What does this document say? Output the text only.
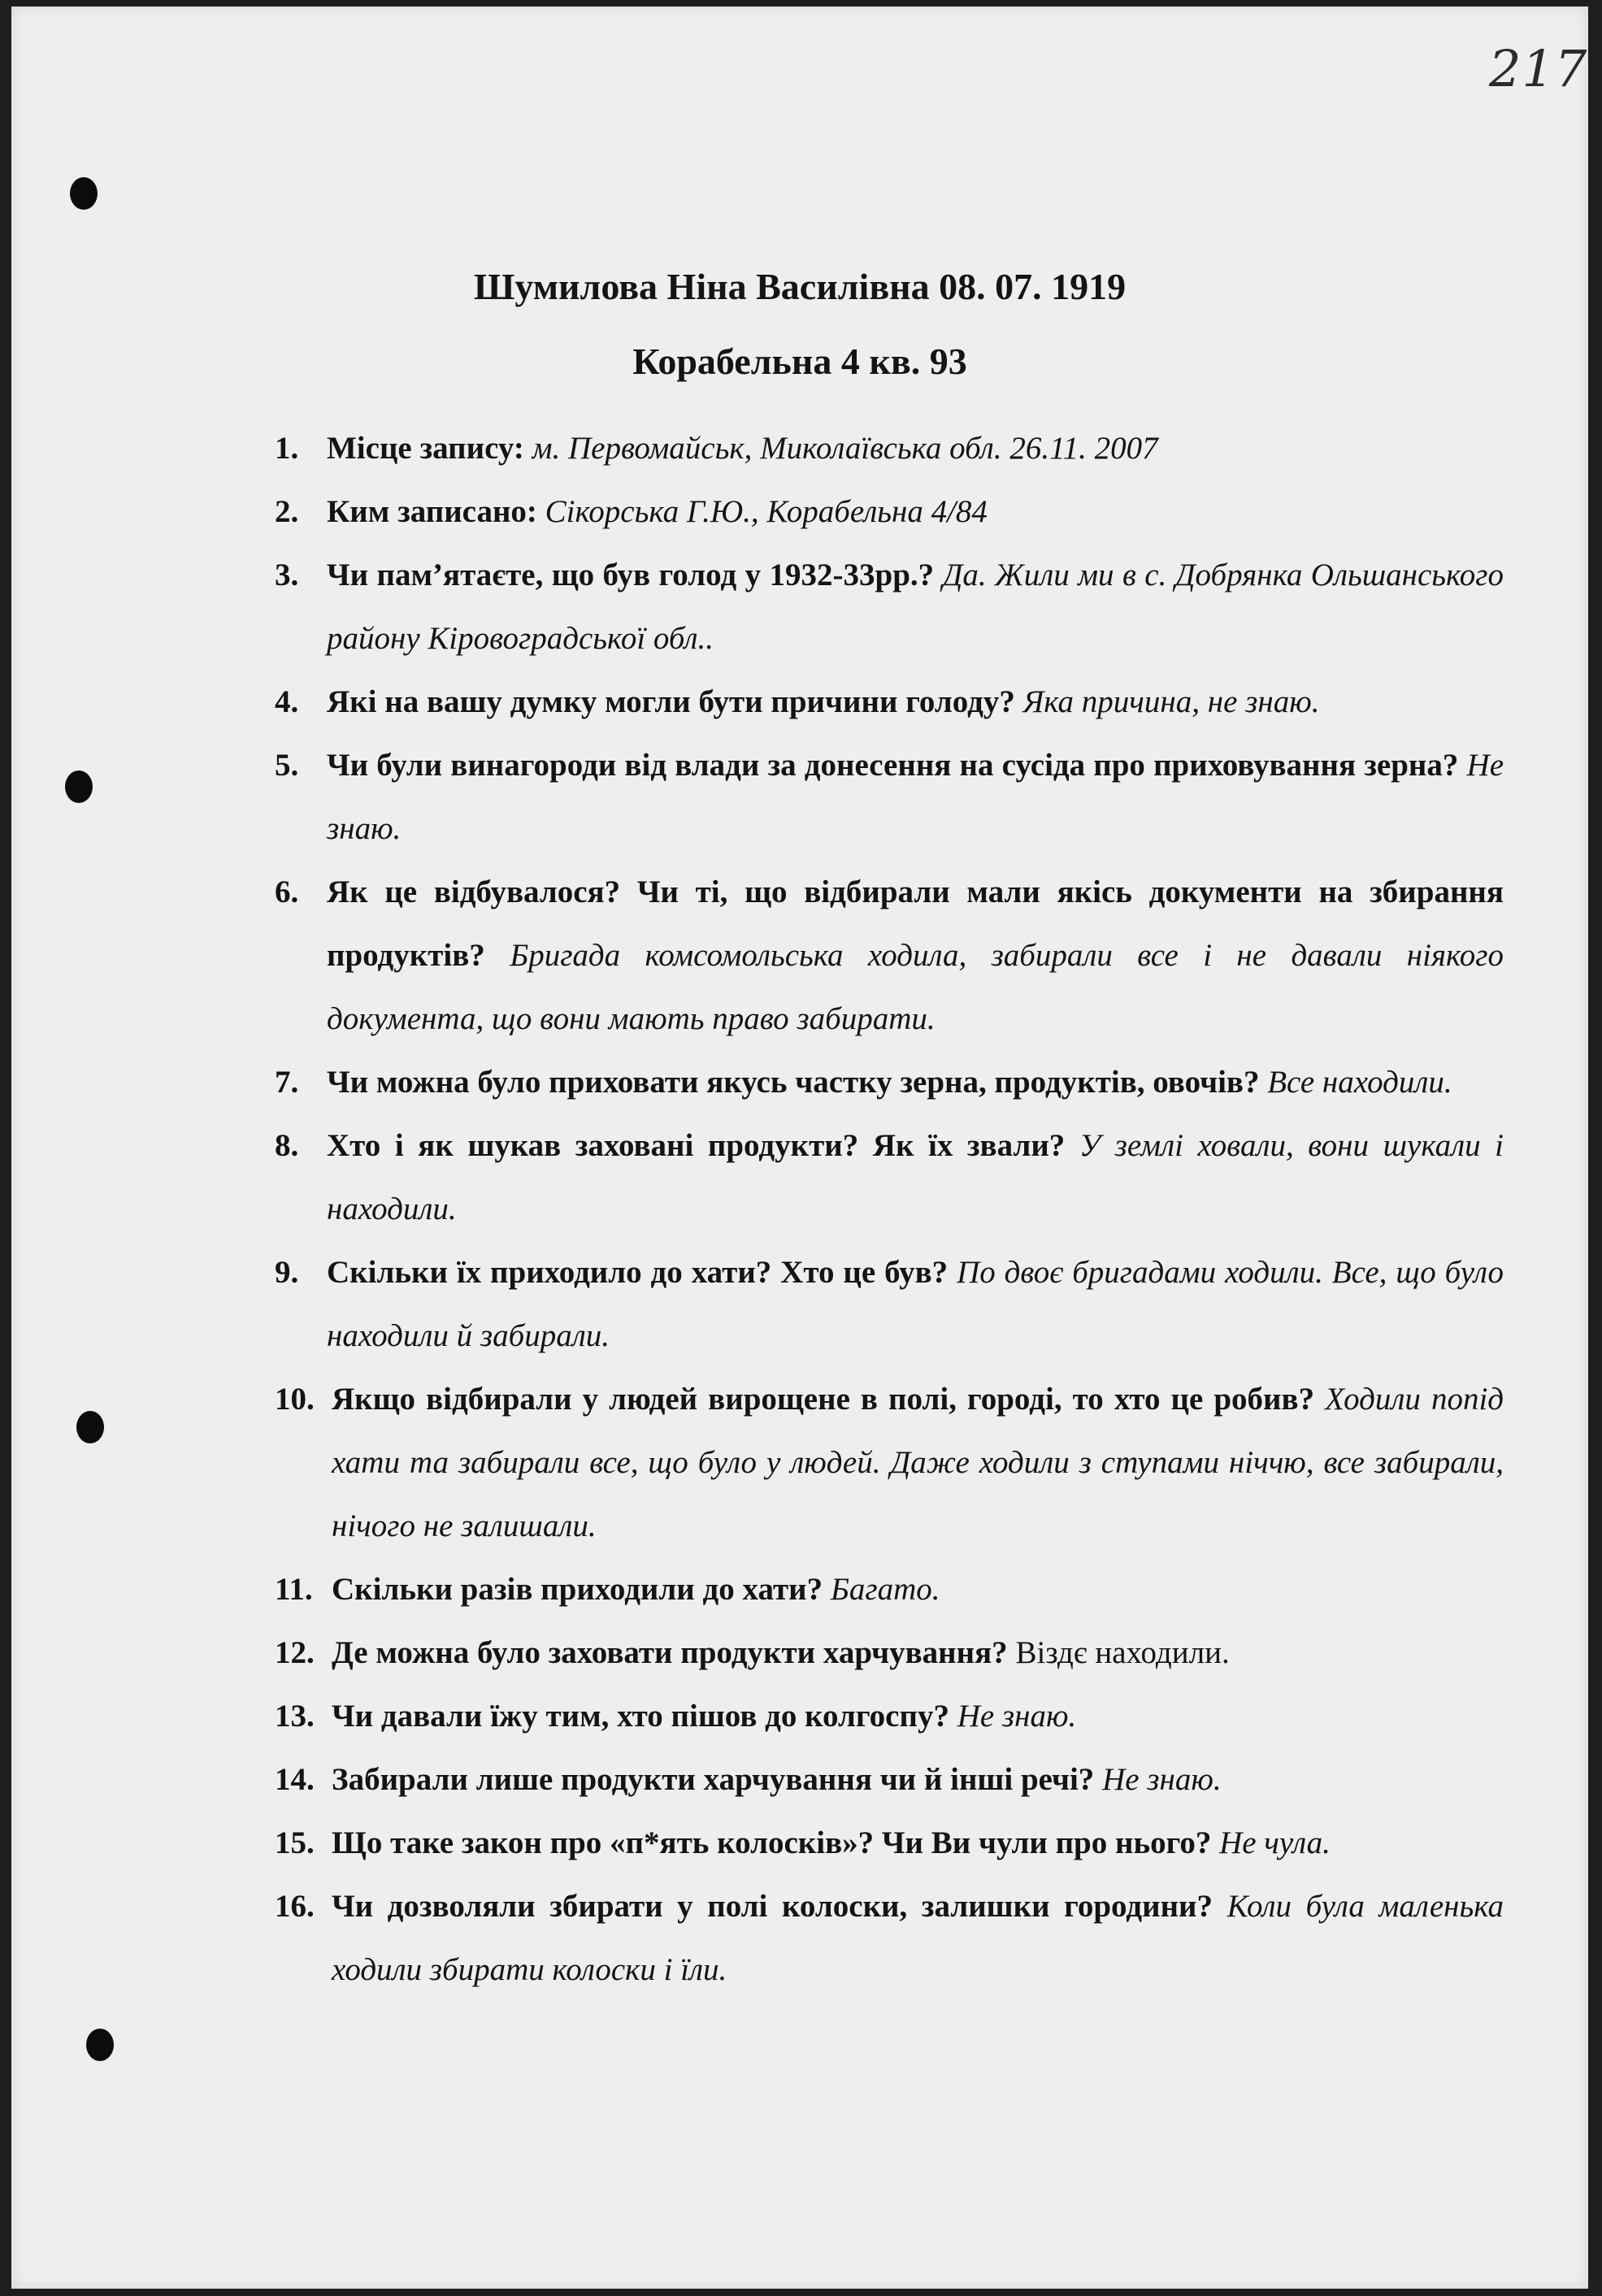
217
Шумилова Ніна Василівна 08. 07. 1919
Корабельна 4 кв. 93
1. Місце запису: м. Первомайськ, Миколаївська обл. 26.11. 2007
2. Ким записано: Сікорська Г.Ю., Корабельна 4/84
3. Чи пам’ятаєте, що був голод у 1932-33рр.? Да. Жили ми в с. Добрянка Ольшанського району Кіровоградської обл..
4. Які на вашу думку могли бути причини голоду? Яка причина, не знаю.
5. Чи були винагороди від влади за донесення на сусіда про приховування зерна? Не знаю.
6. Як це відбувалося? Чи ті, що відбирали мали якісь документи на збирання продуктів? Бригада комсомольська ходила, забирали все і не давали ніякого документа, що вони мають право забирати.
7. Чи можна було приховати якусь частку зерна, продуктів, овочів? Все находили.
8. Хто і як шукав заховані продукти? Як їх звали? У землі ховали, вони шукали і находили.
9. Скільки їх приходило до хати? Хто це був? По двоє бригадами ходили. Все, що було находили й забирали.
10. Якщо відбирали у людей вирощене в полі, городі, то хто це робив? Ходили попід хати та забирали все, що було у людей. Даже ходили з ступами ніччю, все забирали, нічого не залишали.
11. Скільки разів приходили до хати? Багато.
12. Де можна було заховати продукти харчування? Віздє находили.
13. Чи давали їжу тим, хто пішов до колгоспу? Не знаю.
14. Забирали лише продукти харчування чи й інші речі? Не знаю.
15. Що таке закон про «п*ять колосків»? Чи Ви чули про нього? Не чула.
16. Чи дозволяли збирати у полі колоски, залишки городини? Коли була маленька ходили збирати колоски і їли.
